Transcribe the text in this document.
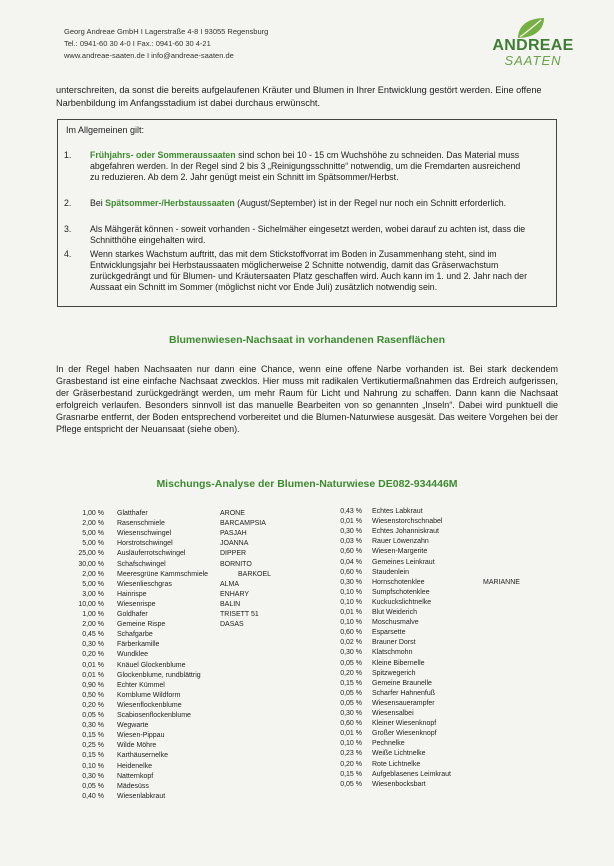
Georg Andreae GmbH I Lagerstraße 4-8 I 93055 Regensburg
Tel.: 0941-60 30 4-0 I Fax.: 0941-60 30 4-21
www.andreae-saaten.de I info@andreae-saaten.de
ANDREAE
SAATEN
unterschreiten, da sonst die bereits aufgelaufenen Kräuter und Blumen in Ihrer Entwicklung gestört werden. Eine offene Narbenbildung im Anfangsstadium ist dabei durchaus erwünscht.
Im Allgemeinen gilt:
1.	Frühjahrs- oder Sommeraussaaten sind schon bei 10 - 15 cm Wuchshöhe zu schneiden. Das Material muss abgefahren werden. In der Regel sind 2 bis 3 „Reinigungsschnitte“ notwendig, um die Fremdarten ausreichend zu reduzieren. Ab dem 2. Jahr genügt meist ein Schnitt im Spätsommer/Herbst.
2.	Bei Spätsommer-/Herbstaussaaten (August/September) ist in der Regel nur noch ein Schnitt erforderlich.
3.	Als Mähgerät können - soweit vorhanden - Sichelmäher eingesetzt werden, wobei darauf zu achten ist, dass die Schnitthöhe eingehalten wird.
4.	Wenn starkes Wachstum auftritt, das mit dem Stickstoffvorrat im Boden in Zusammenhang steht, sind im Entwicklungsjahr bei Herbstaussaaten möglicherweise 2 Schnitte notwendig, damit das Gräserwachstum zurückgedrängt und für Blumen- und Kräutersaaten Platz geschaffen wird. Auch kann im 1. und 2. Jahr nach der Aussaat ein Schnitt im Sommer (möglichst nicht vor Ende Juli) zusätzlich notwendig sein.
Blumenwiesen-Nachsaat in vorhandenen Rasenflächen
In der Regel haben Nachsaaten nur dann eine Chance, wenn eine offene Narbe vorhanden ist. Bei stark deckendem Grasbestand ist eine einfache Nachsaat zwecklos. Hier muss mit radikalen Vertikutiermaßnahmen das Erdreich aufgerissen, der Gräserbestand zurückgedrängt werden, um mehr Raum für Licht und Nahrung zu schaffen. Dann kann die Nachsaat erfolgreich verlaufen. Besonders sinnvoll ist das manuelle Bearbeiten von so genannten „Inseln“. Dabei wird punktuell die Grasnarbe entfernt, der Boden entsprechend vorbereitet und die Blumen-Naturwiese ausgesät. Das weitere Vorgehen bei der Pflege entspricht der Neuansaat (siehe oben).
Mischungs-Analyse der Blumen-Naturwiese DE082-934446M
1,00 % Glatthafer	ARONE
2,00 % Rasenschmiele	BARCAMPSIA
5,00 % Wiesenschwingel	PASJAH
5,00 % Horstrotschwingel	JOANNA
25,00 % Ausläuferrotschwingel	DIPPER
30,00 % Schafschwingel	BORNITO
2,00 % Meeresgrüne Kammschmiele	BARKOEL
5,00 % Wiesenlieschgras	ALMA
3,00 % Hainrispe	ENHARY
10,00 % Wiesenrispe	BALIN
1,00 % Goldhafer	TRISETT 51
2,00 % Gemeine Rispe	DASAS
0,45 % Schafgarbe
0,30 % Färberkamille
0,20 % Wundklee
0,01 % Knäuel Glockenblume
0,01 % Glockenblume, rundblättrig
0,90 % Echter Kümmel
0,50 % Kornblume Wildform
0,20 % Wiesenflockenblume
0,05 % Scabiosenflockenblume
0,30 % Wegwarte
0,15 % Wiesen-Pippau
0,25 % Wilde Möhre
0,15 % Karthäusernelke
0,10 % Heidenelke
0,30 % Natternkopf
0,05 % Mädesüss
0,40 % Wiesenlabkraut
0,43 % Echtes Labkraut
0,01 % Wiesenstorchschnabel
0,30 % Echtes Johanniskraut
0,03 % Rauer Löwenzahn
0,60 % Wiesen-Margerite
0,04 % Gemeines Leinkraut
0,60 % Staudenlein
0,30 % Hornschotenklee	MARIANNE
0,10 % Sumpfschotenklee
0,10 % Kuckuckslichtnelke
0,01 % Blut Weiderich
0,10 % Moschusmalve
0,60 % Esparsette
0,02 % Brauner Dorst
0,30 % Klatschmohn
0,05 % Kleine Bibernelle
0,20 % Spitzwegerich
0,15 % Gemeine Braunelle
0,05 % Scharfer Hahnenfuß
0,05 % Wiesensauerampfer
0,30 % Wiesensalbei
0,60 % Kleiner Wiesenknopf
0,01 % Großer Wiesenknopf
0,10 % Pechnelke
0,23 % Weiße Lichtnelke
0,20 % Rote Lichtnelke
0,15 % Aufgeblasenes Leimkraut
0,05 % Wiesenbocksbart
